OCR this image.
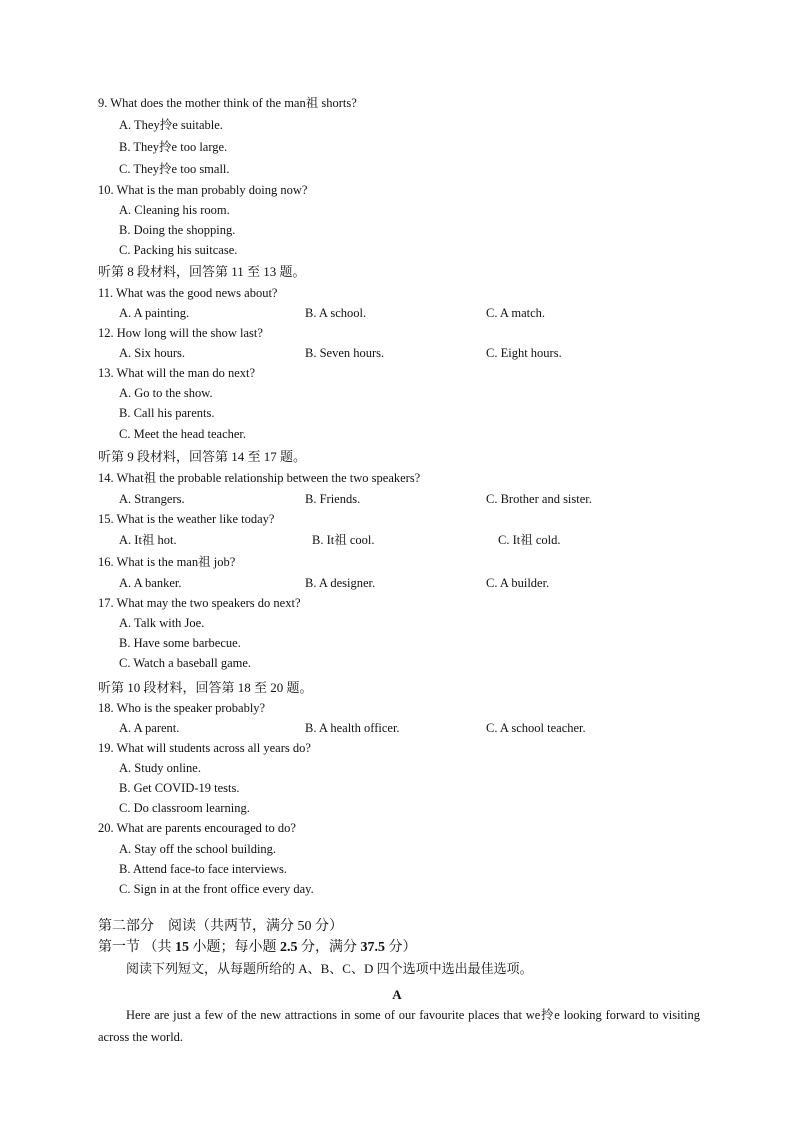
9. What does the mother think of the man祖 shorts?
A. They拎e suitable.
B. They拎e too large.
C. They拎e too small.
10. What is the man probably doing now?
A. Cleaning his room.
B. Doing the shopping.
C. Packing his suitcase.
听第 8 段材料，回答第 11 至 13 题。
11. What was the good news about?
A. A painting.	B. A school.	C. A match.
12. How long will the show last?
A. Six hours.	B. Seven hours.	C. Eight hours.
13. What will the man do next?
A. Go to the show.
B. Call his parents.
C. Meet the head teacher.
听第 9 段材料，回答第 14 至 17 题。
14. What祖 the probable relationship between the two speakers?
A. Strangers.	B. Friends.	C. Brother and sister.
15. What is the weather like today?
A. It祖 hot.	B. It祖 cool.	C. It祖 cold.
16. What is the man祖 job?
A. A banker.	B. A designer.	C. A builder.
17. What may the two speakers do next?
A. Talk with Joe.
B. Have some barbecue.
C. Watch a baseball game.
听第 10 段材料，回答第 18 至 20 题。
18. Who is the speaker probably?
A. A parent.	B. A health officer.	C. A school teacher.
19. What will students across all years do?
A. Study online.
B. Get COVID-19 tests.
C. Do classroom learning.
20. What are parents encouraged to do?
A. Stay off the school building.
B. Attend face-to face interviews.
C. Sign in at the front office every day.
第二部分　阅读（共两节，满分 50 分）
第一节 （共 15 小题；每小题 2.5 分，满分 37.5 分）
阅读下列短文，从每题所给的 A、B、C、D 四个选项中选出最佳选项。
A
Here are just a few of the new attractions in some of our favourite places that we拎e looking forward to visiting across the world.
